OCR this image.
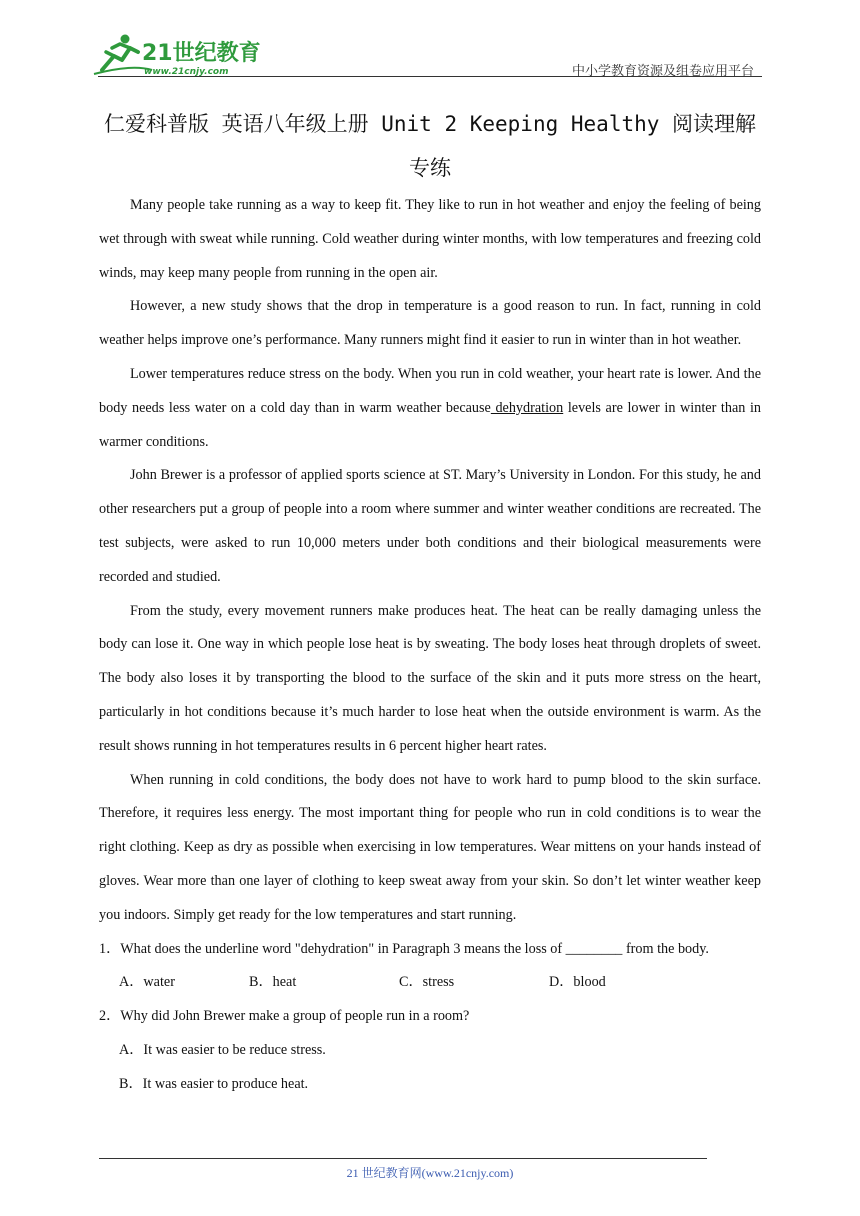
21世纪教育
www.21cnjy.com	中小学教育资源及组卷应用平台
仁爱科普版 英语八年级上册 Unit 2 Keeping Healthy 阅读理解 专练

Many people take running as a way to keep fit. They like to run in hot weather and enjoy the feeling of being wet through with sweat while running. Cold weather during winter months, with low temperatures and freezing cold winds, may keep many people from running in the open air.

However, a new study shows that the drop in temperature is a good reason to run. In fact, running in cold weather helps improve one’s performance. Many runners might find it easier to run in winter than in hot weather.

Lower temperatures reduce stress on the body. When you run in cold weather, your heart rate is lower. And the body needs less water on a cold day than in warm weather because dehydration levels are lower in winter than in warmer conditions.

John Brewer is a professor of applied sports science at ST. Mary’s University in London. For this study, he and other researchers put a group of people into a room where summer and winter weather conditions are recreated. The test subjects, were asked to run 10,000 meters under both conditions and their biological measurements were recorded and studied.

From the study, every movement runners make produces heat. The heat can be really damaging unless the body can lose it. One way in which people lose heat is by sweating. The body loses heat through droplets of sweet. The body also loses it by transporting the blood to the surface of the skin and it puts more stress on the heart, particularly in hot conditions because it’s much harder to lose heat when the outside environment is warm. As the result shows running in hot temperatures results in 6 percent higher heart rates.

When running in cold conditions, the body does not have to work hard to pump blood to the skin surface. Therefore, it requires less energy. The most important thing for people who run in cold conditions is to wear the right clothing. Keep as dry as possible when exercising in low temperatures. Wear mittens on your hands instead of gloves. Wear more than one layer of clothing to keep sweat away from your skin. So don’t let winter weather keep you indoors. Simply get ready for the low temperatures and start running.

1．What does the underline word "dehydration" in Paragraph 3 means the loss of ________ from the body.

A．water	B．heat	C．stress	D．blood

2．Why did John Brewer make a group of people run in a room?

A．It was easier to be reduce stress.

B．It was easier to produce heat.

21 世纪教育网(www.21cnjy.com)
